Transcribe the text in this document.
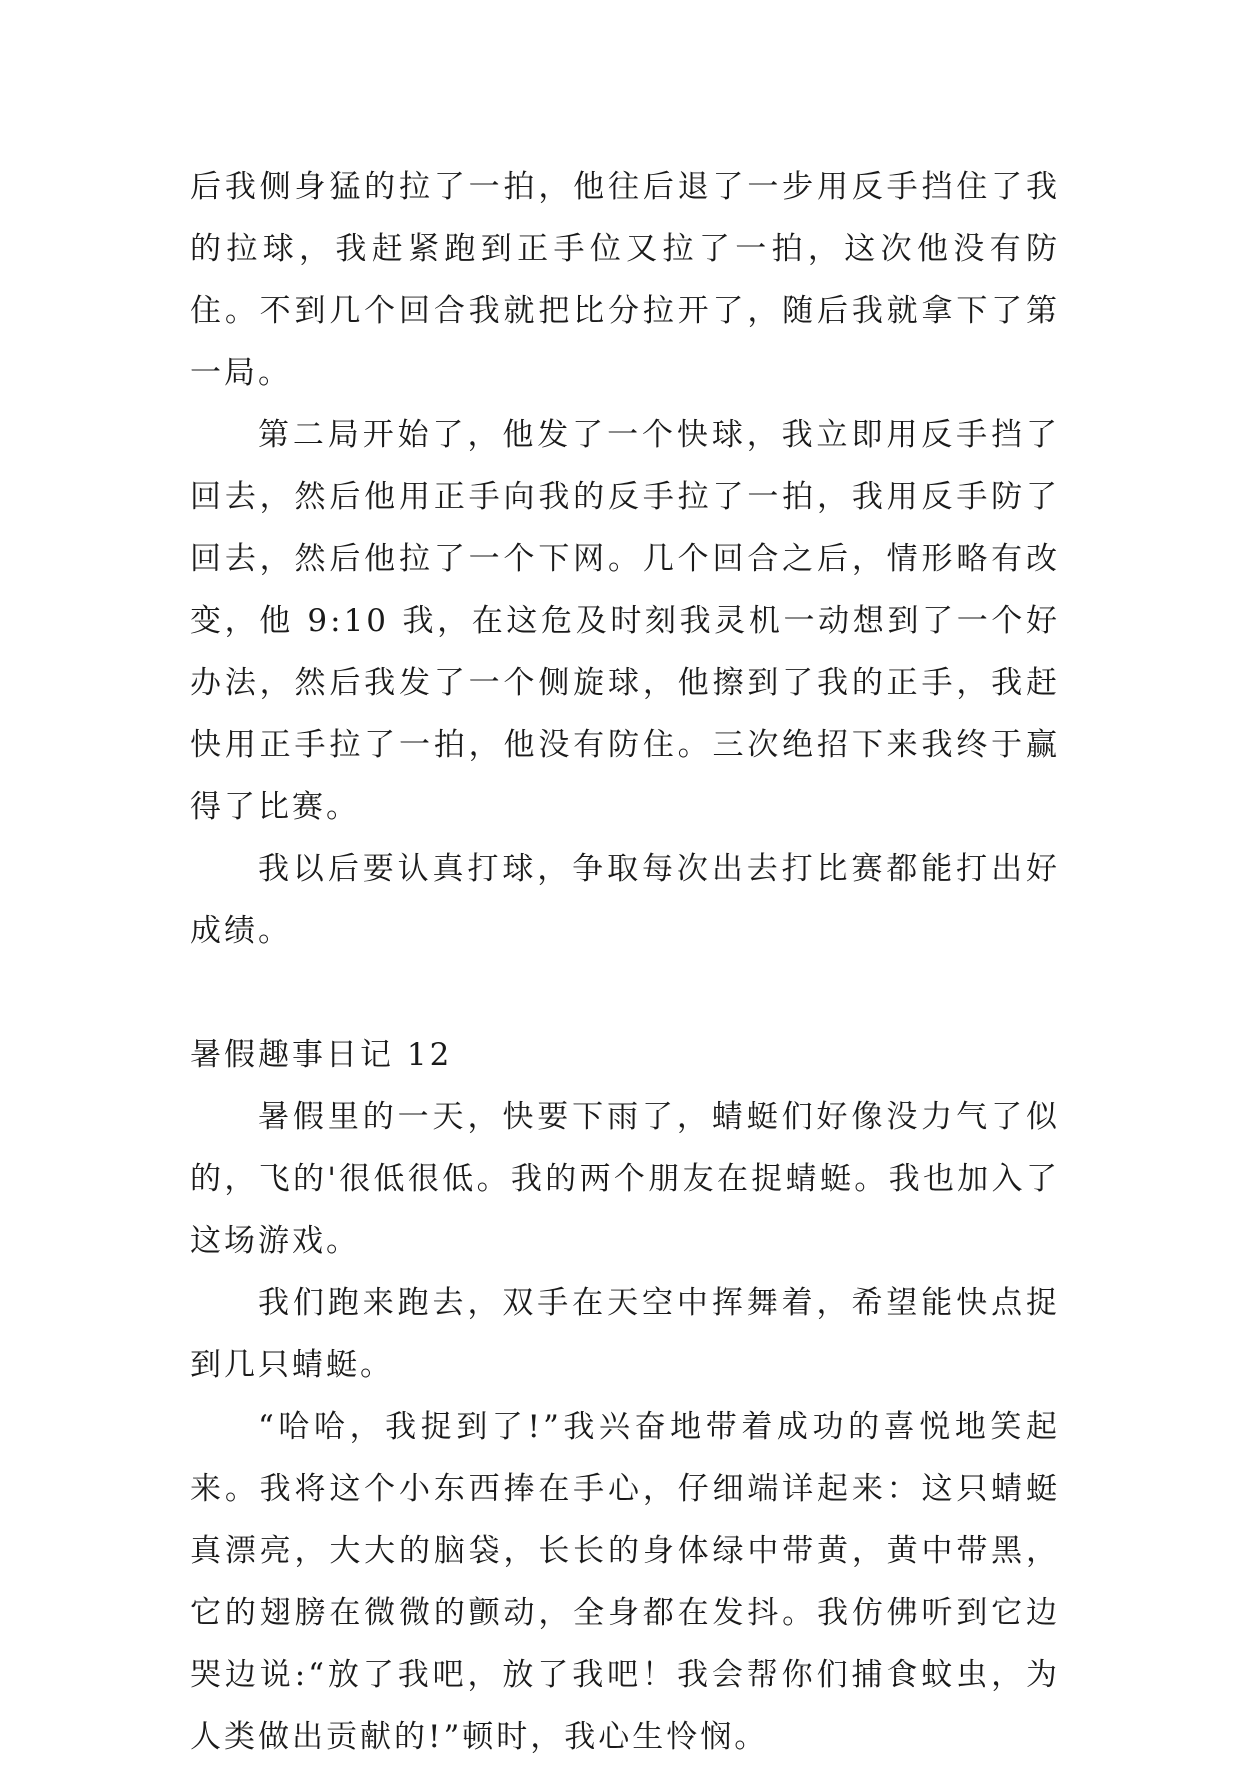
后我侧身猛的拉了一拍，他往后退了一步用反手挡住了我的拉球，我赶紧跑到正手位又拉了一拍，这次他没有防住。不到几个回合我就把比分拉开了，随后我就拿下了第一局。

第二局开始了，他发了一个快球，我立即用反手挡了回去，然后他用正手向我的反手拉了一拍，我用反手防了回去，然后他拉了一个下网。几个回合之后，情形略有改变，他 9:10 我，在这危及时刻我灵机一动想到了一个好办法，然后我发了一个侧旋球，他擦到了我的正手，我赶快用正手拉了一拍，他没有防住。三次绝招下来我终于赢得了比赛。

我以后要认真打球，争取每次出去打比赛都能打出好成绩。

暑假趣事日记 12

暑假里的一天，快要下雨了，蜻蜓们好像没力气了似的，飞的'很低很低。我的两个朋友在捉蜻蜓。我也加入了这场游戏。

我们跑来跑去，双手在天空中挥舞着，希望能快点捉到几只蜻蜓。

“哈哈，我捉到了!”我兴奋地带着成功的喜悦地笑起来。我将这个小东西捧在手心，仔细端详起来：这只蜻蜓真漂亮，大大的脑袋，长长的身体绿中带黄，黄中带黑，它的翅膀在微微的颤动，全身都在发抖。我仿佛听到它边哭边说:“放了我吧，放了我吧！我会帮你们捕食蚊虫，为人类做出贡献的!”顿时，我心生怜悯。
